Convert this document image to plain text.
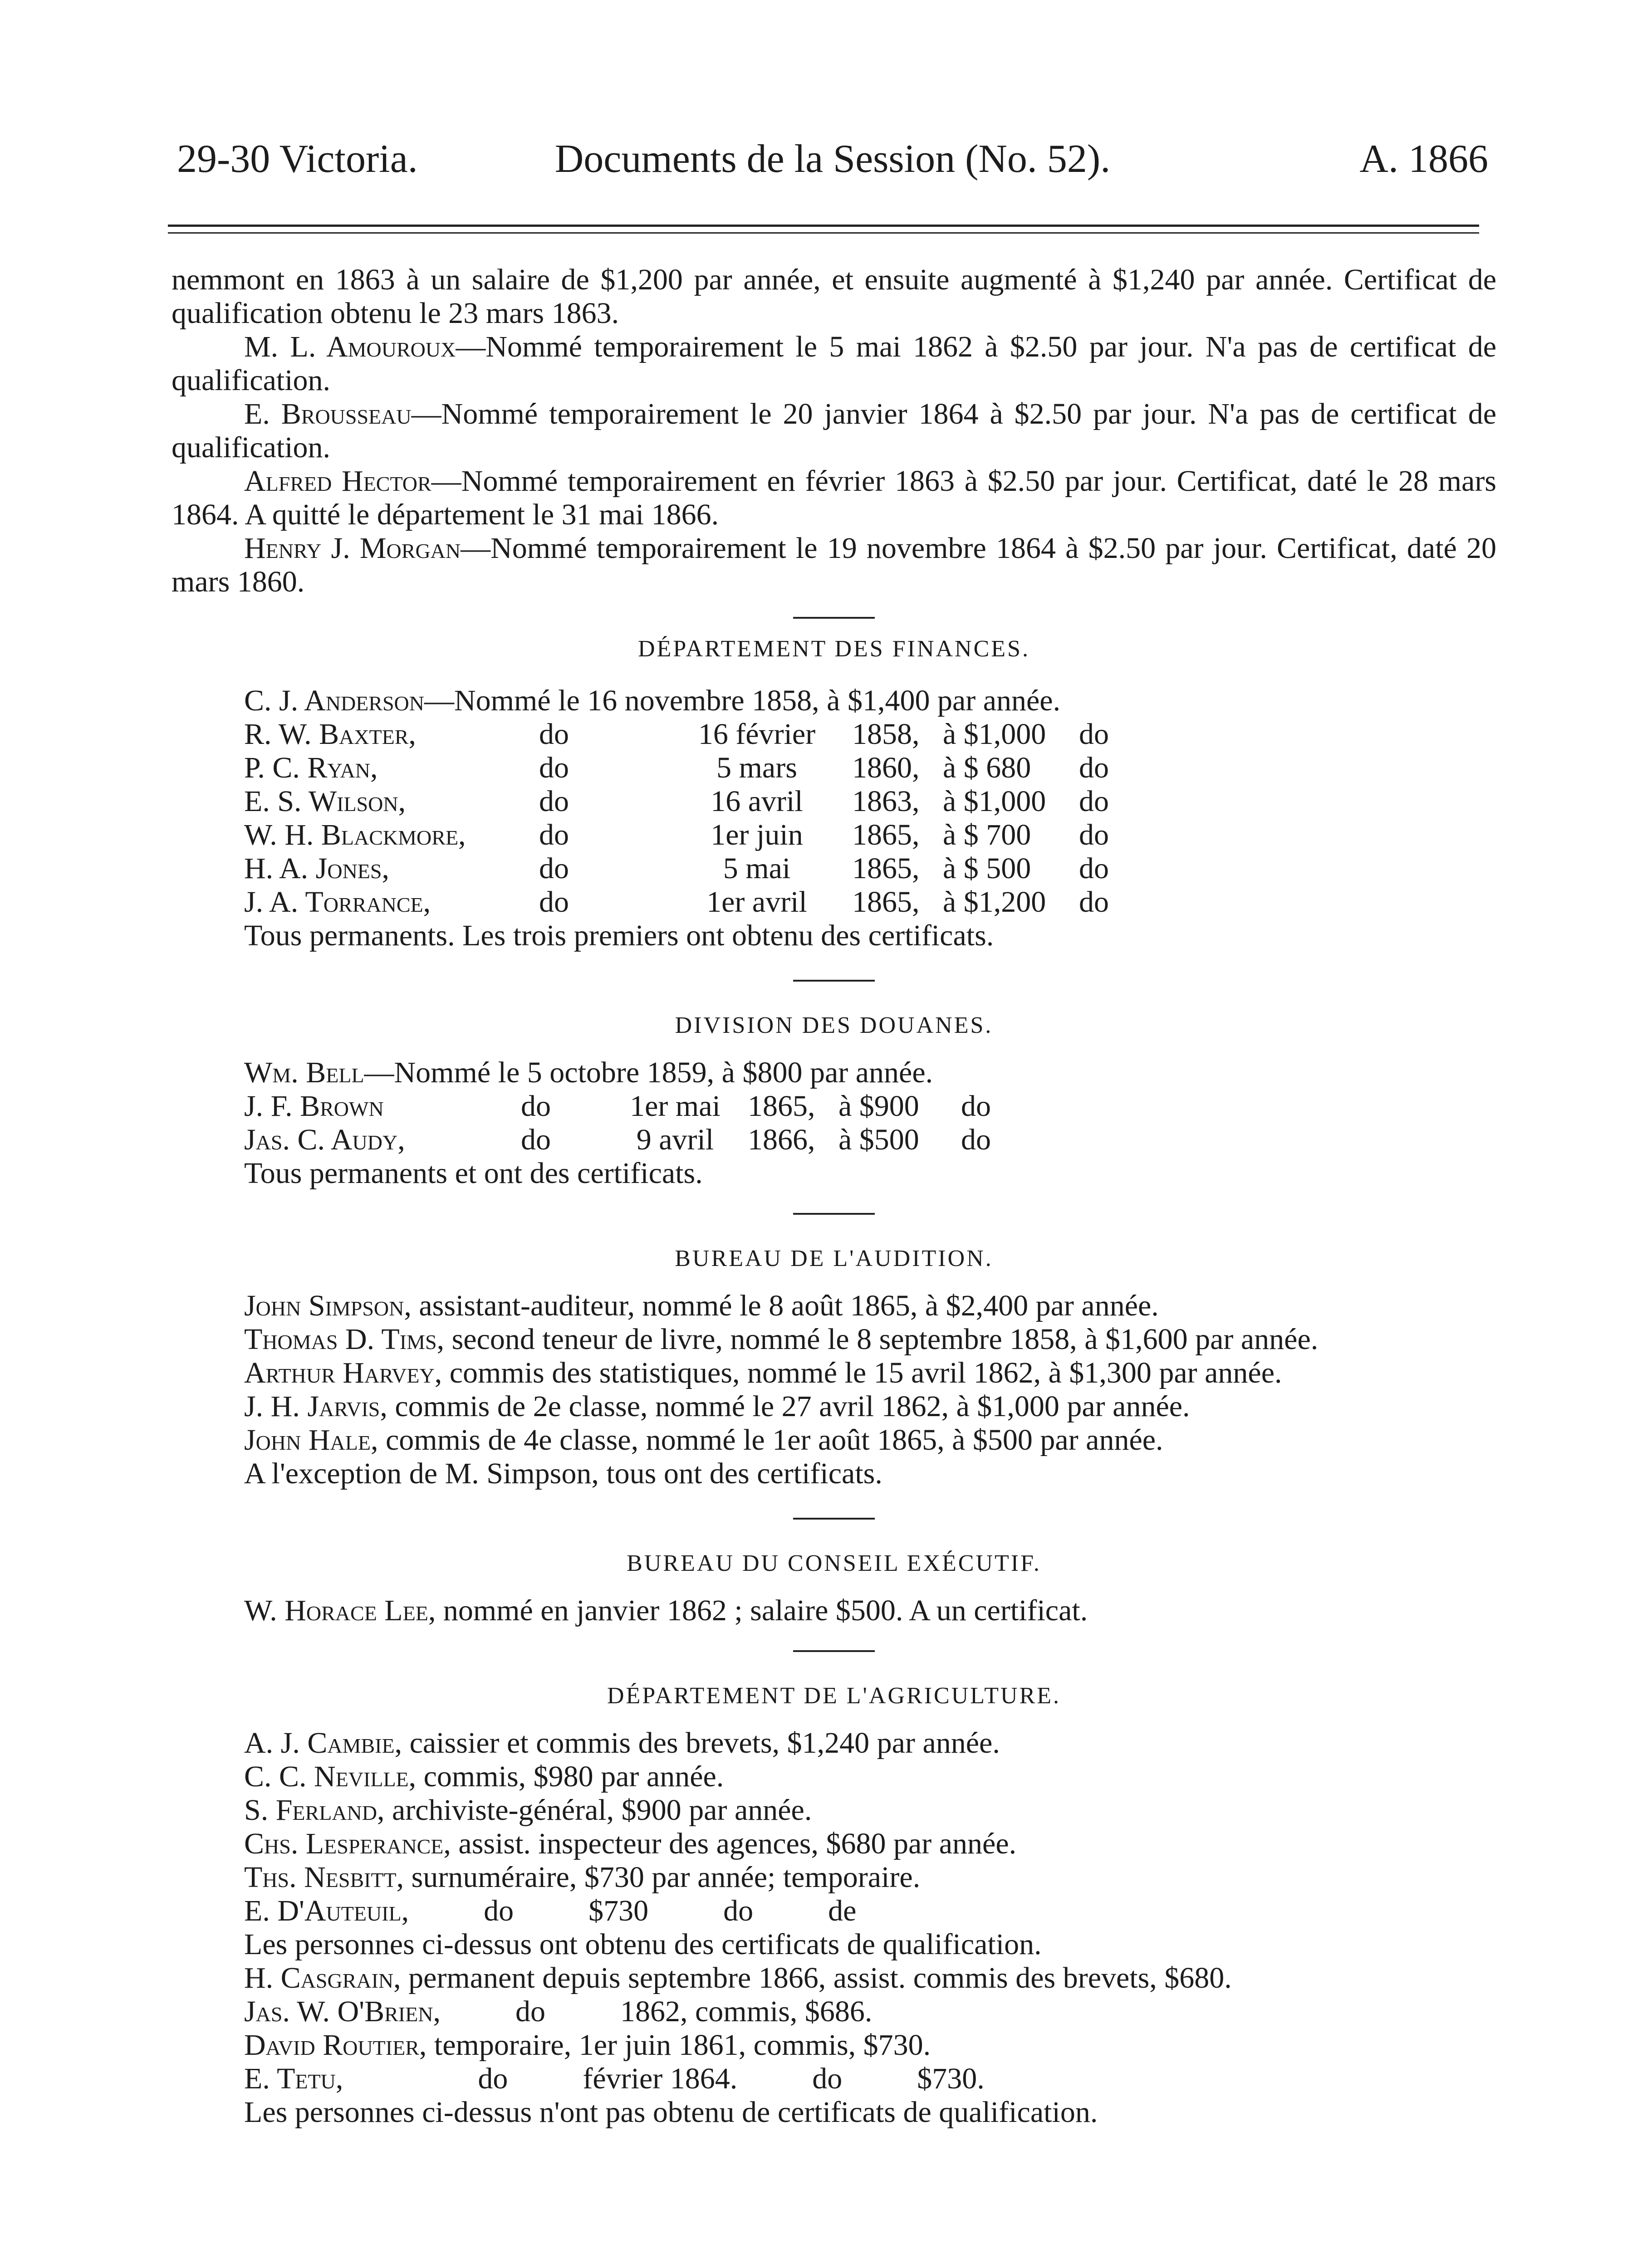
29-30 Victoria.	Documents de la Session (No. 52).	A. 1866

nemmont en 1863 à un salaire de $1,200 par année, et ensuite augmenté à $1,240 par année. Certificat de qualification obtenu le 23 mars 1863.

M. L. Amouroux—Nommé temporairement le 5 mai 1862 à $2.50 par jour. N'a pas de certificat de qualification.

E. Brousseau—Nommé temporairement le 20 janvier 1864 à $2.50 par jour. N'a pas de certificat de qualification.

Alfred Hector—Nommé temporairement en février 1863 à $2.50 par jour. Certificat, daté le 28 mars 1864. A quitté le département le 31 mai 1866.

Henry J. Morgan—Nommé temporairement le 19 novembre 1864 à $2.50 par jour. Certificat, daté 20 mars 1860.

DÉPARTEMENT DES FINANCES.

C. J. Anderson—Nommé le 16 novembre 1858, à $1,400 par année.
R. W. Baxter,	do	16 février	1858,	à $1,000	do
P. C. Ryan,	do	5 mars	1860,	à $ 680	do
E. S. Wilson,	do	16 avril	1863,	à $1,000	do
W. H. Blackmore,	do	1er juin	1865,	à $ 700	do
H. A. Jones,	do	5 mai	1865,	à $ 500	do
J. A. Torrance,	do	1er avril	1865,	à $1,200	do
Tous permanents. Les trois premiers ont obtenu des certificats.

DIVISION DES DOUANES.

Wm. Bell—Nommé le 5 octobre 1859, à $800 par année.
J. F. Brown	do	1er mai	1865,	à $900	do
Jas. C. Audy,	do	9 avril	1866,	à $500	do
Tous permanents et ont des certificats.

BUREAU DE L'AUDITION.

John Simpson, assistant-auditeur, nommé le 8 août 1865, à $2,400 par année.

Thomas D. Tims, second teneur de livre, nommé le 8 septembre 1858, à $1,600 par année.

Arthur Harvey, commis des statistiques, nommé le 15 avril 1862, à $1,300 par année.

J. H. Jarvis, commis de 2e classe, nommé le 27 avril 1862, à $1,000 par année.

John Hale, commis de 4e classe, nommé le 1er août 1865, à $500 par année.

A l'exception de M. Simpson, tous ont des certificats.

BUREAU DU CONSEIL EXÉCUTIF.

W. Horace Lee, nommé en janvier 1862 ; salaire $500. A un certificat.

DÉPARTEMENT DE L'AGRICULTURE.

A. J. Cambie, caissier et commis des brevets, $1,240 par année.

C. C. Neville, commis, $980 par année.

S. Ferland, archiviste-général, $900 par année.

Chs. Lesperance, assist. inspecteur des agences, $680 par année.

Ths. Nesbitt, surnuméraire, $730 par année; temporaire.

E. D'Auteuil,          do          $730          do          de

Les personnes ci-dessus ont obtenu des certificats de qualification.

H. Casgrain, permanent depuis septembre 1866, assist. commis des brevets, $680.

Jas. W. O'Brien,          do          1862, commis, $686.

David Routier, temporaire, 1er juin 1861, commis, $730.

E. Tetu,                  do          février 1864.          do          $730.

Les personnes ci-dessus n'ont pas obtenu de certificats de qualification.
